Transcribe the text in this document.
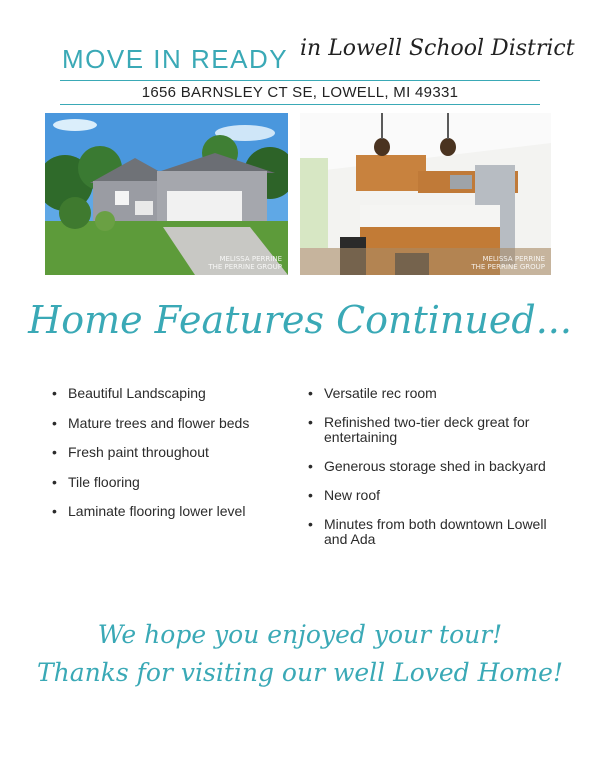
MOVE IN READY in Lowell School District
1656 BARNSLEY CT SE, LOWELL, MI 49331
MELISSA PERRINE
THE PERRINE GROUP
MELISSA PERRINE
THE PERRINE GROUP
Home Features Continued...
• Beautiful Landscaping
• Mature trees and flower beds
• Fresh paint throughout
• Tile flooring
• Laminate flooring lower level
• Versatile rec room
• Refinished two-tier deck great for entertaining
• Generous storage shed in backyard
• New roof
• Minutes from both downtown Lowell and Ada
We hope you enjoyed your tour!
Thanks for visiting our well Loved Home!
